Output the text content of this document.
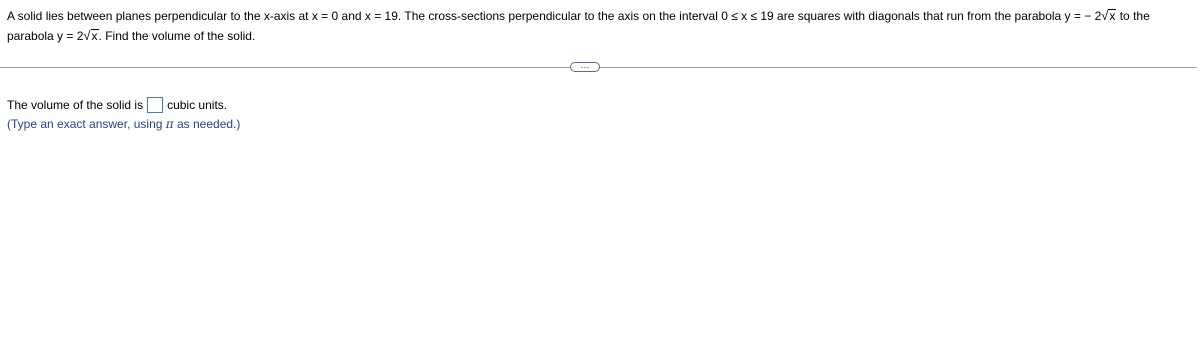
A solid lies between planes perpendicular to the x-axis at x = 0 and x = 19. The cross-sections perpendicular to the axis on the interval 0 ≤ x ≤ 19 are squares with diagonals that run from the parabola y = − 2√x to the
parabola y = 2√x. Find the volume of the solid.
…
The volume of the solid is cubic units.
(Type an exact answer, using π as needed.)
